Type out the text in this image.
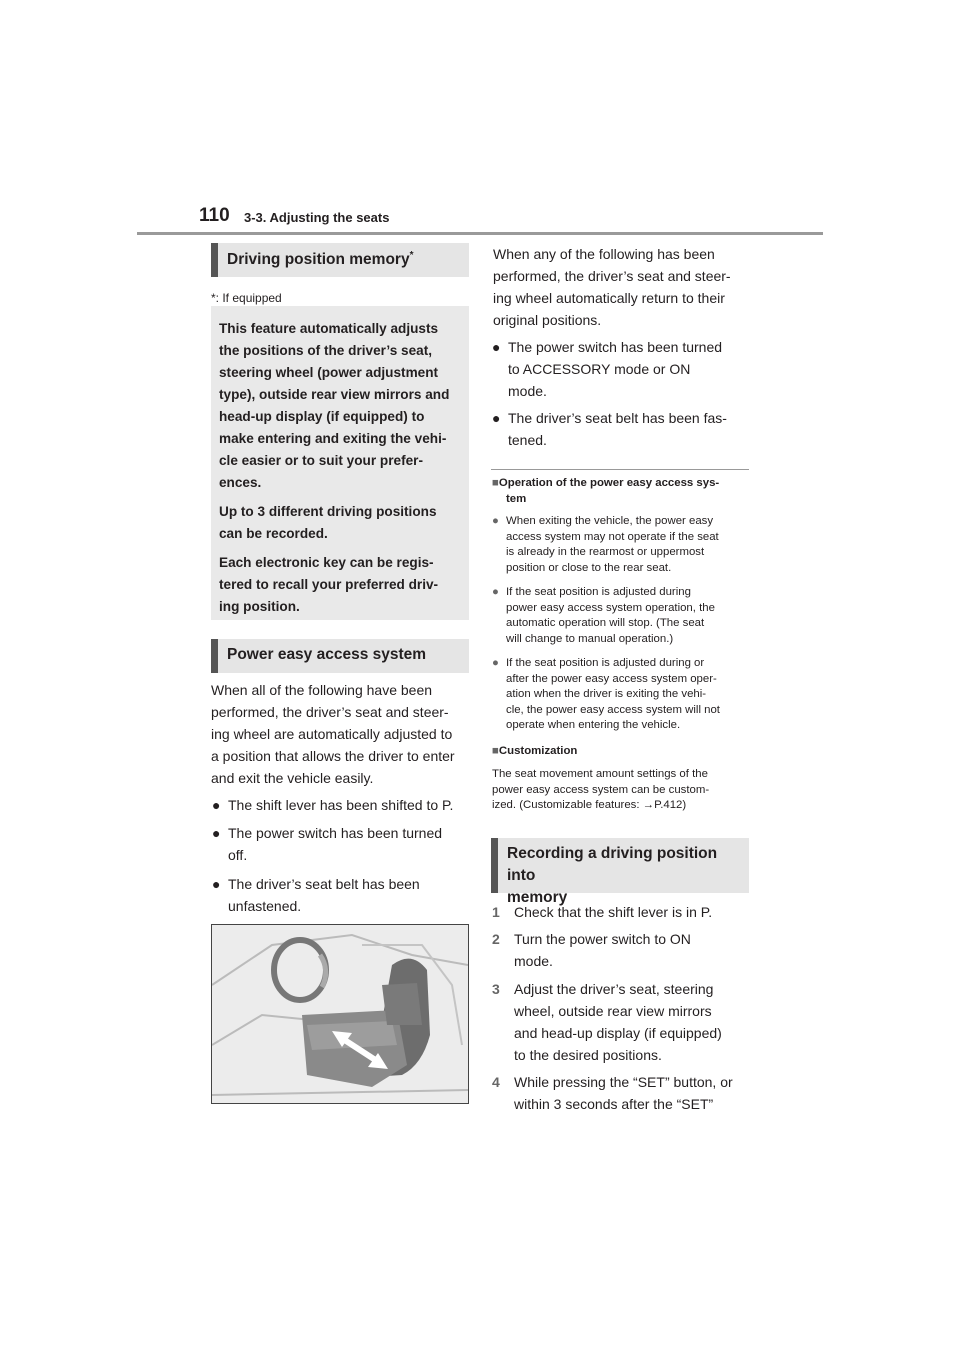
110 3-3. Adjusting the seats
Driving position memory*
*: If equipped

This feature automatically adjusts
the positions of the driver’s seat,
steering wheel (power adjustment
type), outside rear view mirrors and
head-up display (if equipped) to
make entering and exiting the vehi-
cle easier or to suit your prefer-
ences.

Up to 3 different driving positions
can be recorded.

Each electronic key can be regis-
tered to recall your preferred driv-
ing position.

Power easy access system
When all of the following have been
performed, the driver’s seat and steer-
ing wheel are automatically adjusted to
a position that allows the driver to enter
and exit the vehicle easily.
● The shift lever has been shifted to P.
● The power switch has been turned
off.
● The driver’s seat belt has been
unfastened.
When any of the following has been
performed, the driver’s seat and steer-
ing wheel automatically return to their
original positions.
● The power switch has been turned
to ACCESSORY mode or ON
mode.
● The driver’s seat belt has been fas-
tened.
■Operation of the power easy access sys-
tem
● When exiting the vehicle, the power easy
access system may not operate if the seat
is already in the rearmost or uppermost
position or close to the rear seat.
● If the seat position is adjusted during
power easy access system operation, the
automatic operation will stop. (The seat
will change to manual operation.)
● If the seat position is adjusted during or
after the power easy access system oper-
ation when the driver is exiting the vehi-
cle, the power easy access system will not
operate when entering the vehicle.
■Customization
The seat movement amount settings of the
power easy access system can be custom-
ized. (Customizable features: →P.412)
Recording a driving position into
memory
1 Check that the shift lever is in P.
2 Turn the power switch to ON
mode.
3 Adjust the driver’s seat, steering
wheel, outside rear view mirrors
and head-up display (if equipped)
to the desired positions.
4 While pressing the “SET” button, or
within 3 seconds after the “SET”
